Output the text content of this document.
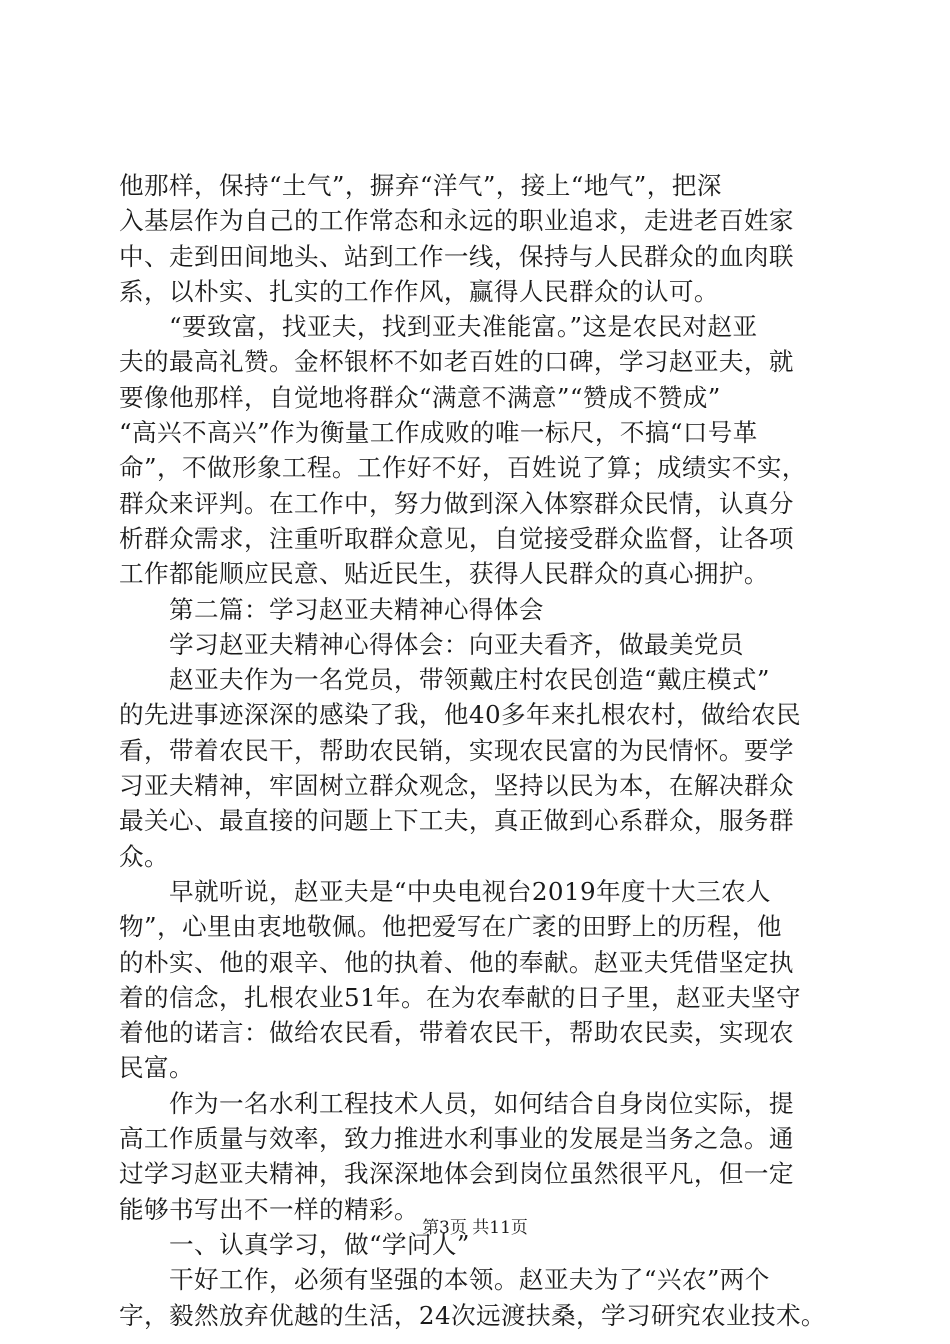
他那样，保持“土气”，摒弃“洋气”，接上“地气”，把深
入基层作为自己的工作常态和永远的职业追求，走进老百姓家
中、走到田间地头、站到工作一线，保持与人民群众的血肉联
系，以朴实、扎实的工作作风，赢得人民群众的认可。
　　“要致富，找亚夫，找到亚夫准能富。”这是农民对赵亚
夫的最高礼赞。金杯银杯不如老百姓的口碑，学习赵亚夫，就
要像他那样，自觉地将群众“满意不满意”“赞成不赞成”
“高兴不高兴”作为衡量工作成败的唯一标尺，不搞“口号革
命”，不做形象工程。工作好不好，百姓说了算；成绩实不实，
群众来评判。在工作中，努力做到深入体察群众民情，认真分
析群众需求，注重听取群众意见，自觉接受群众监督，让各项
工作都能顺应民意、贴近民生，获得人民群众的真心拥护。
　　第二篇：学习赵亚夫精神心得体会
　　学习赵亚夫精神心得体会：向亚夫看齐，做最美党员
　　赵亚夫作为一名党员，带领戴庄村农民创造“戴庄模式”
的先进事迹深深的感染了我，他40多年来扎根农村，做给农民
看，带着农民干，帮助农民销，实现农民富的为民情怀。要学
习亚夫精神，牢固树立群众观念，坚持以民为本，在解决群众
最关心、最直接的问题上下工夫，真正做到心系群众，服务群
众。
　　早就听说，赵亚夫是“中央电视台2019年度十大三农人
物”，心里由衷地敬佩。他把爱写在广袤的田野上的历程，他
的朴实、他的艰辛、他的执着、他的奉献。赵亚夫凭借坚定执
着的信念，扎根农业51年。在为农奉献的日子里，赵亚夫坚守
着他的诺言：做给农民看，带着农民干，帮助农民卖，实现农
民富。
　　作为一名水利工程技术人员，如何结合自身岗位实际，提
高工作质量与效率，致力推进水利事业的发展是当务之急。通
过学习赵亚夫精神，我深深地体会到岗位虽然很平凡，但一定
能够书写出不一样的精彩。
　　一、认真学习，做“学问人”
　　干好工作，必须有坚强的本领。赵亚夫为了“兴农”两个
字，毅然放弃优越的生活，24次远渡扶桑，学习研究农业技术。
第3页 共11页
